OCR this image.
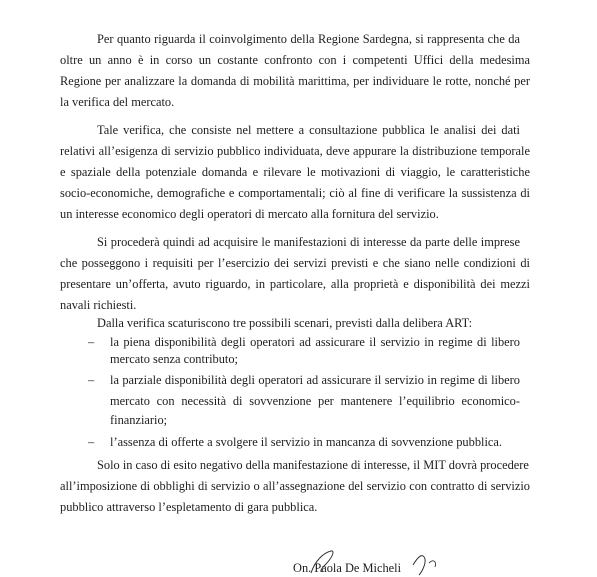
Per quanto riguarda il coinvolgimento della Regione Sardegna, si rappresenta che da

oltre un anno è in corso un costante confronto con i competenti Uffici della medesima

Regione per analizzare la domanda di mobilità marittima, per individuare le rotte, nonché per

la verifica del mercato.

Tale verifica, che consiste nel mettere a consultazione pubblica le analisi dei dati

relativi all’esigenza di servizio pubblico individuata, deve appurare la distribuzione temporale

e spaziale della potenziale domanda e rilevare le motivazioni di viaggio, le caratteristiche

socio-economiche, demografiche e comportamentali; ciò al fine di verificare la sussistenza di

un interesse economico degli operatori di mercato alla fornitura del servizio.

Si procederà quindi ad acquisire le manifestazioni di interesse da parte delle imprese

che posseggono i requisiti per l’esercizio dei servizi previsti e che siano nelle condizioni di

presentare un’offerta, avuto riguardo, in particolare, alla proprietà e disponibilità dei mezzi

navali richiesti.

Dalla verifica scaturiscono tre possibili scenari, previsti dalla delibera ART:

– la piena disponibilità degli operatori ad assicurare il servizio in regime di libero

mercato senza contributo;

– la parziale disponibilità degli operatori ad assicurare il servizio in regime di libero

mercato con necessità di sovvenzione per mantenere l’equilibrio economico-

finanziario;

– l’assenza di offerte a svolgere il servizio in mancanza di sovvenzione pubblica.

Solo in caso di esito negativo della manifestazione di interesse, il MIT dovrà procedere

all’imposizione di obblighi di servizio o all’assegnazione del servizio con contratto di servizio

pubblico attraverso l’espletamento di gara pubblica.

On. Paola De Micheli
